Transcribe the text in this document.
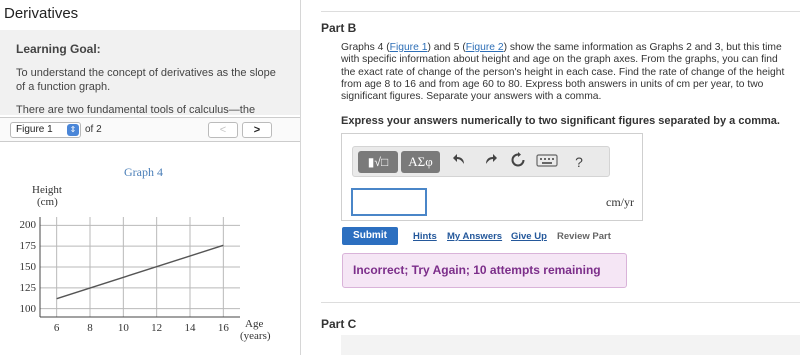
Derivatives
Learning Goal:
To understand the concept of derivatives as the slope of a function graph.
There are two fundamental tools of calculus—the
Figure 1	⇕ of 2	<	>
Graph 4
Height
(cm)
Age
(years)
100
125
150
175
200
6	8	10	12	14	16
Part B
Graphs 4 (Figure 1) and 5 (Figure 2) show the same information as Graphs 2 and 3, but this time with specific information about height and age on the graph axes. From the graphs, you can find the exact rate of change of the person's height in each case. Find the rate of change of the height from age 8 to 16 and from age 60 to 80. Express both answers in units of cm per year, to two significant figures. Separate your answers with a comma.
Express your answers numerically to two significant figures separated by a comma.
▮√□	ΑΣφ	?
cm/yr
Submit	Hints My Answers Give Up Review Part
Incorrect; Try Again; 10 attempts remaining
Part C
